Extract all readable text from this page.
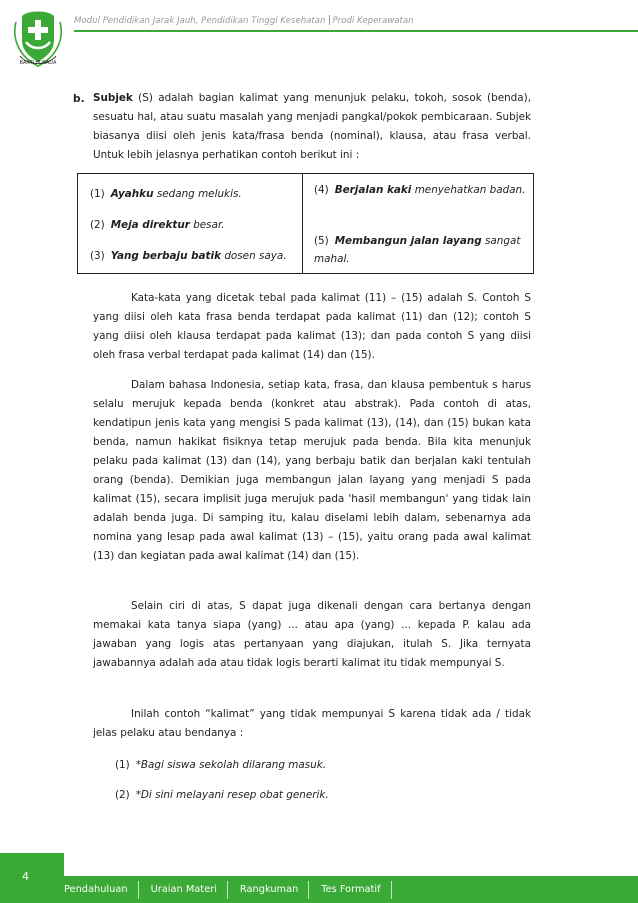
BAKTI HUSADA
Modul Pendidikan Jarak Jauh, Pendidikan Tinggi Kesehatan Prodi Keperawatan
b. Subjek (S) adalah bagian kalimat yang menunjuk pelaku, tokoh, sosok (benda), sesuatu hal, atau suatu masalah yang menjadi pangkal/pokok pembicaraan. Subjek biasanya diisi oleh jenis kata/frasa benda (nominal), klausa, atau frasa verbal. Untuk lebih jelasnya perhatikan contoh berikut ini :

(1) Ayahku sedang melukis.
(2) Meja direktur besar.
(3) Yang berbaju batik dosen saya.
(4) Berjalan kaki menyehatkan badan.
(5) Membangun jalan layang sangat mahal.

Kata-kata yang dicetak tebal pada kalimat (11) – (15) adalah S. Contoh S yang diisi oleh kata frasa benda terdapat pada kalimat (11) dan (12); contoh S yang diisi oleh klausa terdapat pada kalimat (13); dan pada contoh S yang diisi oleh frasa verbal terdapat pada kalimat (14) dan (15).

Dalam bahasa Indonesia, setiap kata, frasa, dan klausa pembentuk s harus selalu merujuk kepada benda (konkret atau abstrak). Pada contoh di atas, kendatipun jenis kata yang mengisi S pada kalimat (13), (14), dan (15) bukan kata benda, namun hakikat fisiknya tetap merujuk pada benda. Bila kita menunjuk pelaku pada kalimat (13) dan (14), yang berbaju batik dan berjalan kaki tentulah orang (benda). Demikian juga membangun jalan layang yang menjadi S pada kalimat (15), secara implisit juga merujuk pada 'hasil membangun' yang tidak lain adalah benda juga. Di samping itu, kalau diselami lebih dalam, sebenarnya ada nomina yang lesap pada awal kalimat (13) – (15), yaitu orang pada awal kalimat (13) dan kegiatan pada awal kalimat (14) dan (15).

Selain ciri di atas, S dapat juga dikenali dengan cara bertanya dengan memakai kata tanya siapa (yang) ... atau apa (yang) ... kepada P. kalau ada jawaban yang logis atas pertanyaan yang diajukan, itulah S. Jika ternyata jawabannya adalah ada atau tidak logis berarti kalimat itu tidak mempunyai S.

Inilah contoh “kalimat” yang tidak mempunyai S karena tidak ada / tidak jelas pelaku atau bendanya :

(1) *Bagi siswa sekolah dilarang masuk.
(2) *Di sini melayani resep obat generik.
4
Pendahuluan	Uraian Materi	Rangkuman	Tes Formatif
